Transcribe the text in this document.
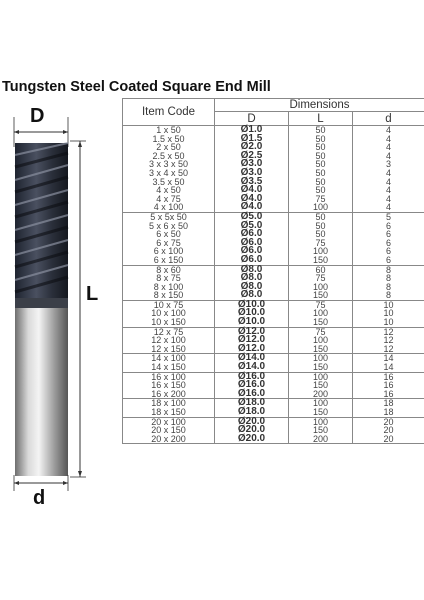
Tungsten Steel Coated Square End Mill
D
L
d
Item Code	Dimensions		
	D	L	d
1 x 50	Ø1.0	50	4
1.5 x 50	Ø1.5	50	4
2 x 50	Ø2.0	50	4
2.5 x 50	Ø2.5	50	4
3 x 3 x 50	Ø3.0	50	3
3 x 4 x 50	Ø3.0	50	4
3.5 x 50	Ø3.5	50	4
4 x 50	Ø4.0	50	4
4 x 75	Ø4.0	75	4
4 x 100	Ø4.0	100	4
5 x 5x 50	Ø5.0	50	5
5 x 6 x 50	Ø5.0	50	6
6 x 50	Ø6.0	50	6
6 x 75	Ø6.0	75	6
6 x 100	Ø6.0	100	6
6 x 150	Ø6.0	150	6
8 x 60	Ø8.0	60	8
8 x 75	Ø8.0	75	8
8 x 100	Ø8.0	100	8
8 x 150	Ø8.0	150	8
10 x 75	Ø10.0	75	10
10 x 100	Ø10.0	100	10
10 x 150	Ø10.0	150	10
12 x 75	Ø12.0	75	12
12 x 100	Ø12.0	100	12
12 x 150	Ø12.0	150	12
14 x 100	Ø14.0	100	14
14 x 150	Ø14.0	150	14
16 x 100	Ø16.0	100	16
16 x 150	Ø16.0	150	16
16 x 200	Ø16.0	200	16
18 x 100	Ø18.0	100	18
18 x 150	Ø18.0	150	18
20 x 100	Ø20.0	100	20
20 x 150	Ø20.0	150	20
20 x 200	Ø20.0	200	20
